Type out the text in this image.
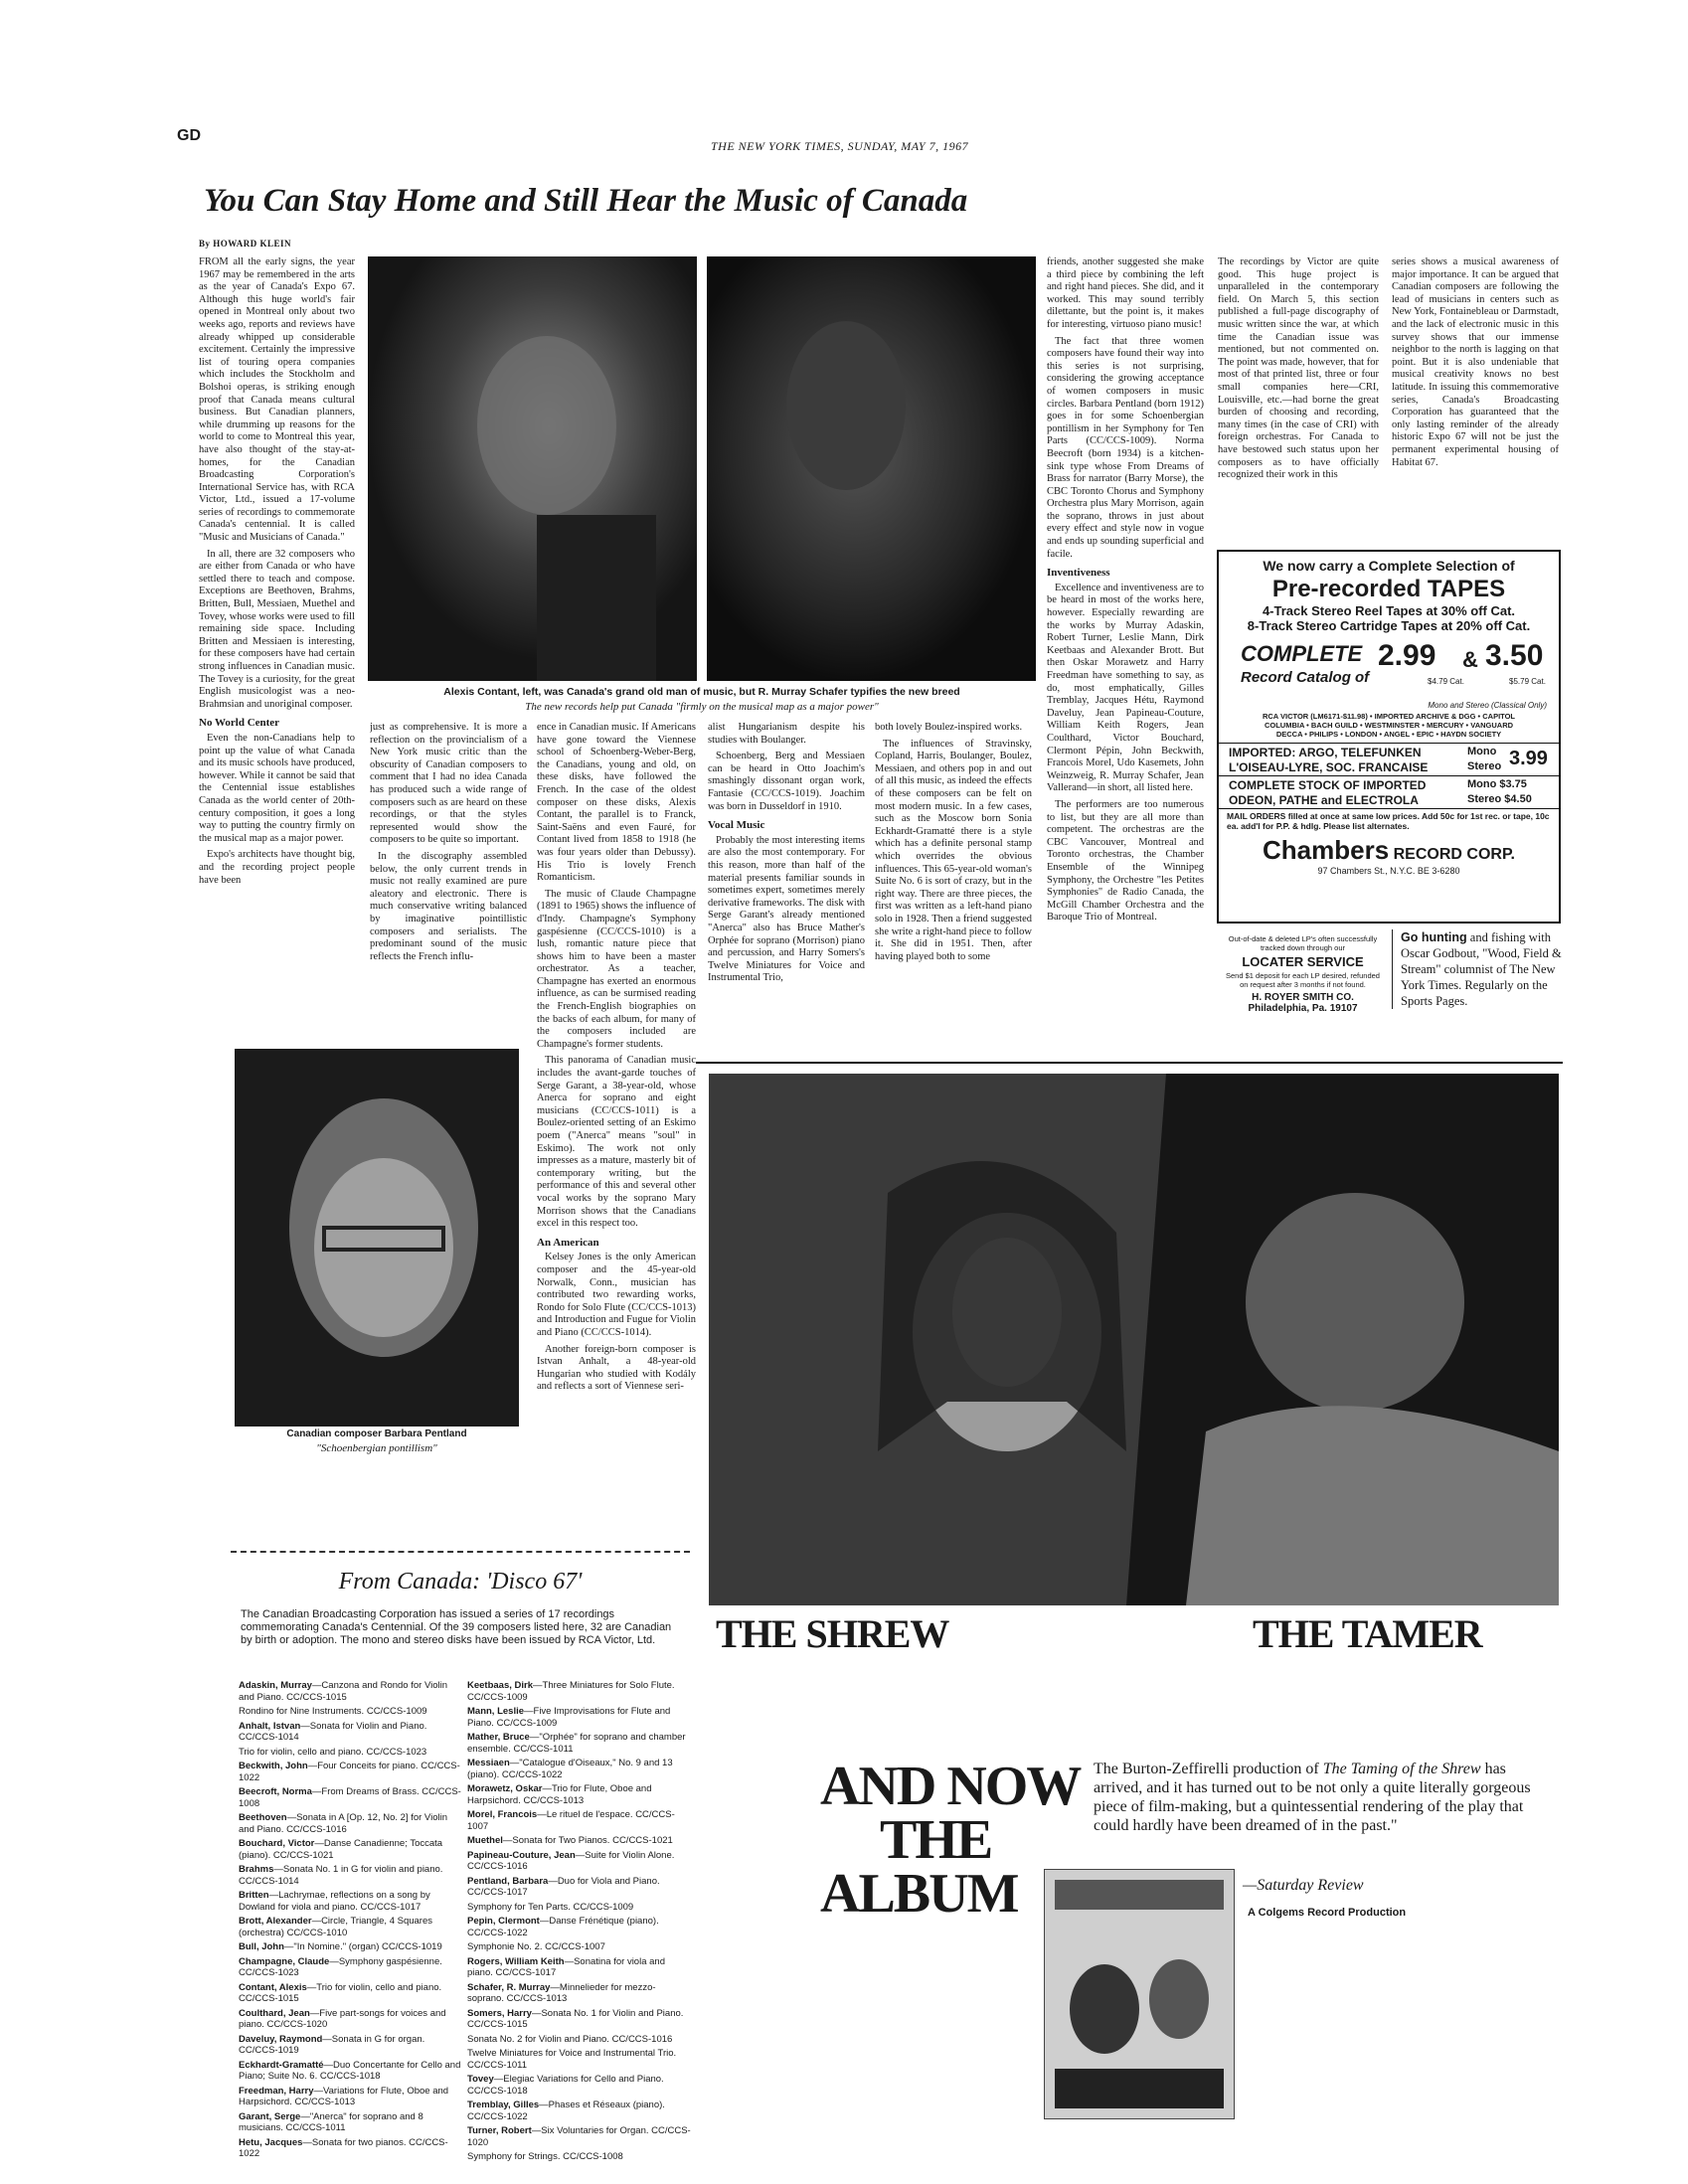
GD
THE NEW YORK TIMES, SUNDAY, MAY 7, 1967
You Can Stay Home and Still Hear the Music of Canada
By HOWARD KLEIN

FROM all the early signs, the year 1967 may be remembered in the arts as the year of Canada's Expo 67. Although this huge world's fair opened in Montreal only about two weeks ago, reports and reviews have already whipped up considerable excitement. Certainly the impressive list of touring opera companies which includes the Stockholm and Bolshoi operas, is striking enough proof that Canada means cultural business. But Canadian planners, while drumming up reasons for the world to come to Montreal this year, have also thought of the stay-at-homes, for the Canadian Broadcasting Corporation's International Service has, with RCA Victor, Ltd., issued a 17-volume series of recordings to commemorate Canada's centennial. It is called "Music and Musicians of Canada."

In all, there are 32 composers who are either from Canada or who have settled there to teach and compose. Exceptions are Beethoven, Brahms, Britten, Bull, Messiaen, Muethel and Tovey, whose works were used to fill remaining side space. Including Britten and Messiaen is interesting, for these composers have had certain strong influences in Canadian music. The Tovey is a curiosity, for the great English musicologist was a neo-Brahmsian and unoriginal composer.

No World Center

Even the non-Canadians help to point up the value of what Canada and its music schools have produced, however. While it cannot be said that the Centennial issue establishes Canada as the world center of 20th-century composition, it goes a long way to putting the country firmly on the musical map as a major power.

Expo's architects have thought big, and the recording project people have been

Alexis Contant, left, was Canada's grand old man of music, but R. Murray Schafer typifies the new breed
The new records help put Canada "firmly on the musical map as a major power"

just as comprehensive. It is more a reflection on the provincialism of a New York music critic than the obscurity of Canadian composers to comment that I had no idea Canada has produced such a wide range of composers such as are heard on these recordings, or that the styles represented would show the composers to be quite so important.

In the discography assembled below, the only current trends in music not really examined are pure aleatory and electronic. There is much conservative writing balanced by imaginative pointillistic composers and serialists. The predominant sound of the music reflects the French influ-

ence in Canadian music. If Americans have gone toward the Viennese school of Schoenberg-Weber-Berg, the Canadians, young and old, on these disks, have followed the French. In the case of the oldest composer on these disks, Alexis Contant, the parallel is to Franck, Saint-Saëns and even Fauré, for Contant lived from 1858 to 1918 (he was four years older than Debussy). His Trio is lovely French Romanticism.

The music of Claude Champagne (1891 to 1965) shows the influence of d'Indy. Champagne's Symphony gaspésienne (CC/CCS-1010) is a lush, romantic nature piece that shows him to have been a master orchestrator. As a teacher, Champagne has exerted an enormous influence, as can be surmised reading the French-English biographies on the backs of each album, for many of the composers included are Champagne's former students.

This panorama of Canadian music includes the avant-garde touches of Serge Garant, a 38-year-old, whose Anerca for soprano and eight musicians (CC/CCS-1011) is a Boulez-oriented setting of an Eskimo poem ("Anerca" means "soul" in Eskimo). The work not only impresses as a mature, masterly bit of contemporary writing, but the performance of this and several other vocal works by the soprano Mary Morrison shows that the Canadians excel in this respect too.

An American

Kelsey Jones is the only American composer and the 45-year-old Norwalk, Conn., musician has contributed two rewarding works, Rondo for Solo Flute (CC/CCS-1013) and Introduction and Fugue for Violin and Piano (CC/CCS-1014).

Another foreign-born composer is Istvan Anhalt, a 48-year-old Hungarian who studied with Kodály and reflects a sort of Viennese seri-

alist Hungarianism despite his studies with Boulanger.

Schoenberg, Berg and Messiaen can be heard in Otto Joachim's smashingly dissonant organ work, Fantasie (CC/CCS-1019). Joachim was born in Dusseldorf in 1910.

Vocal Music

Probably the most interesting items are also the most contemporary. For this reason, more than half of the material presents familiar sounds in sometimes expert, sometimes merely derivative frameworks. The disk with Serge Garant's already mentioned "Anerca" also has Bruce Mather's Orphée for soprano (Morrison) piano and percussion, and Harry Somers's Twelve Miniatures for Voice and Instrumental Trio,

both lovely Boulez-inspired works.

The influences of Stravinsky, Copland, Harris, Boulanger, Boulez, Messiaen, and others pop in and out of all this music, as indeed the effects of these composers can be felt on most modern music. In a few cases, such as the Moscow born Sonia Eckhardt-Gramatté there is a style which has a definite personal stamp which overrides the obvious influences. This 65-year-old woman's Suite No. 6 is sort of crazy, but in the right way. There are three pieces, the first was written as a left-hand piano solo in 1928. Then a friend suggested she write a right-hand piece to follow it. She did in 1951. Then, after having played both to some

friends, another suggested she make a third piece by combining the left and right hand pieces. She did, and it worked. This may sound terribly dilettante, but the point is, it makes for interesting, virtuoso piano music!

The fact that three women composers have found their way into this series is not surprising, considering the growing acceptance of women composers in music circles. Barbara Pentland (born 1912) goes in for some Schoenbergian pontillism in her Symphony for Ten Parts (CC/CCS-1009). Norma Beecroft (born 1934) is a kitchen-sink type whose From Dreams of Brass for narrator (Barry Morse), the CBC Toronto Chorus and Symphony Orchestra plus Mary Morrison, again the soprano, throws in just about every effect and style now in vogue and ends up sounding superficial and facile.

Inventiveness

Excellence and inventiveness are to be heard in most of the works here, however. Especially rewarding are the works by Murray Adaskin, Robert Turner, Leslie Mann, Dirk Keetbaas and Alexander Brott. But then Oskar Morawetz and Harry Freedman have something to say, as do, most emphatically, Gilles Tremblay, Jacques Hétu, Raymond Daveluy, Jean Papineau-Couture, William Keith Rogers, Jean Coulthard, Victor Bouchard, Clermont Pépin, John Beckwith, Francois Morel, Udo Kasemets, John Weinzweig, R. Murray Schafer, Jean Vallerand—in short, all listed here.

The performers are too numerous to list, but they are all more than competent. The orchestras are the CBC Vancouver, Montreal and Toronto orchestras, the Chamber Ensemble of the Winnipeg Symphony, the Orchestre "les Petites Symphonies" de Radio Canada, the McGill Chamber Orchestra and the Baroque Trio of Montreal.

The recordings by Victor are quite good. This huge project is unparalleled in the contemporary field. On March 5, this section published a full-page discography of music written since the war, at which time the Canadian issue was mentioned, but not commented on. The point was made, however, that for most of that printed list, three or four small companies here—CRI, Louisville, etc.—had borne the great burden of choosing and recording, many times (in the case of CRI) with foreign orchestras. For Canada to have bestowed such status upon her composers as to have officially recognized their work in this

series shows a musical awareness of major importance. It can be argued that Canadian composers are following the lead of musicians in centers such as New York, Fontainebleau or Darmstadt, and the lack of electronic music in this survey shows that our immense neighbor to the north is lagging on that point. But it is also undeniable that musical creativity knows no best latitude. In issuing this commemorative series, Canada's Broadcasting Corporation has guaranteed that the only lasting reminder of the already historic Expo 67 will not be just the permanent experimental housing of Habitat 67.

We now carry a Complete Selection of
Pre-recorded TAPES
4-Track Stereo Reel Tapes at 30% off Cat.
8-Track Stereo Cartridge Tapes at 20% off Cat.
COMPLETE
Record Catalog of
2.99
$4.79 Cat.
& 3.50
$5.79 Cat.
Mono and Stereo (Classical Only)
RCA VICTOR (LM6171-$11.98) • IMPORTED ARCHIVE & DGG • CAPITOL
COLUMBIA • BACH GUILD • WESTMINSTER • MERCURY • VANGUARD
DECCA • PHILIPS • LONDON • ANGEL • EPIC • HAYDN SOCIETY
IMPORTED: ARGO, TELEFUNKEN
L'OISEAU-LYRE, SOC. FRANCAISE
Mono
Stereo 3.99
COMPLETE STOCK OF IMPORTED
ODEON, PATHE and ELECTROLA
Mono $3.75
Stereo $4.50
MAIL ORDERS filled at once at same low prices. Add 50c for 1st rec. or tape, 10c ea. add'l for P.P. & hdlg. Please list alternates.
Chambers RECORD CORP.
97 Chambers St., N.Y.C. BE 3-6280
Out-of-date & deleted LP's often successfully tracked down through our
LOCATER SERVICE
Send $1 deposit for each LP desired, refunded on request after 3 months if not found.
H. ROYER SMITH CO.
Philadelphia, Pa. 19107
Go hunting and fishing with Oscar Godbout, "Wood, Field & Stream" columnist of The New York Times. Regularly on the Sports Pages.
Canadian composer Barbara Pentland
"Schoenbergian pontillism"
From Canada: 'Disco 67'
The Canadian Broadcasting Corporation has issued a series of 17 recordings commemorating Canada's Centennial. Of the 39 composers listed here, 32 are Canadian by birth or adoption. The mono and stereo disks have been issued by RCA Victor, Ltd.
Adaskin, Murray—Canzona and Rondo for Violin and Piano. CC/CCS-1015
Rondino for Nine Instruments. CC/CCS-1009
Anhalt, Istvan—Sonata for Violin and Piano. CC/CCS-1014
Trio for violin, cello and piano. CC/CCS-1023
Beckwith, John—Four Conceits for piano. CC/CCS-1022
Beecroft, Norma—From Dreams of Brass. CC/CCS-1008
Beethoven—Sonata in A [Op. 12, No. 2] for Violin and Piano. CC/CCS-1016
Bouchard, Victor—Danse Canadienne; Toccata (piano). CC/CCS-1021
Brahms—Sonata No. 1 in G for violin and piano. CC/CCS-1014
Britten—Lachrymae, reflections on a song by Dowland for viola and piano. CC/CCS-1017
Brott, Alexander—Circle, Triangle, 4 Squares (orchestra) CC/CCS-1010
Bull, John—"In Nomine." (organ) CC/CCS-1019
Champagne, Claude—Symphony gaspésienne. CC/CCS-1023
Contant, Alexis—Trio for violin, cello and piano. CC/CCS-1015
Coulthard, Jean—Five part-songs for voices and piano. CC/CCS-1020
Daveluy, Raymond—Sonata in G for organ. CC/CCS-1019
Eckhardt-Gramatté—Duo Concertante for Cello and Piano; Suite No. 6. CC/CCS-1018
Freedman, Harry—Variations for Flute, Oboe and Harpsichord. CC/CCS-1013
Garant, Serge—"Anerca" for soprano and 8 musicians. CC/CCS-1011
Hetu, Jacques—Sonata for two pianos. CC/CCS-1022
Keetbaas, Dirk—Three Miniatures for Solo Flute. CC/CCS-1009
Mann, Leslie—Five Improvisations for Flute and Piano. CC/CCS-1009
Mather, Bruce—"Orphée" for soprano and chamber ensemble. CC/CCS-1011
Messiaen—"Catalogue d'Oiseaux," No. 9 and 13 (piano). CC/CCS-1022
Morawetz, Oskar—Trio for Flute, Oboe and Harpsichord. CC/CCS-1013
Morel, Francois—Le rituel de l'espace. CC/CCS-1007
Muethel—Sonata for Two Pianos. CC/CCS-1021
Papineau-Couture, Jean—Suite for Violin Alone. CC/CCS-1016
Pentland, Barbara—Duo for Viola and Piano. CC/CCS-1017
Symphony for Ten Parts. CC/CCS-1009
Pepin, Clermont—Danse Frénétique (piano). CC/CCS-1022
Symphonie No. 2. CC/CCS-1007
Rogers, William Keith—Sonatina for viola and piano. CC/CCS-1017
Schafer, R. Murray—Minnelieder for mezzo-soprano. CC/CCS-1013
Somers, Harry—Sonata No. 1 for Violin and Piano. CC/CCS-1015
Sonata No. 2 for Violin and Piano. CC/CCS-1016
Twelve Miniatures for Voice and Instrumental Trio. CC/CCS-1011
Tovey—Elegiac Variations for Cello and Piano. CC/CCS-1018
Tremblay, Gilles—Phases et Réseaux (piano). CC/CCS-1022
Turner, Robert—Six Voluntaries for Organ. CC/CCS-1020
Symphony for Strings. CC/CCS-1008
THE SHREW	THE TAMER
AND NOW
THE
ALBUM
The Burton-Zeffirelli production of The Taming of the Shrew has arrived, and it has turned out to be not only a quite literally gorgeous piece of film-making, but a quintessential rendering of the play that could hardly have been dreamed of in the past."
—Saturday Review
A Colgems Record Production
